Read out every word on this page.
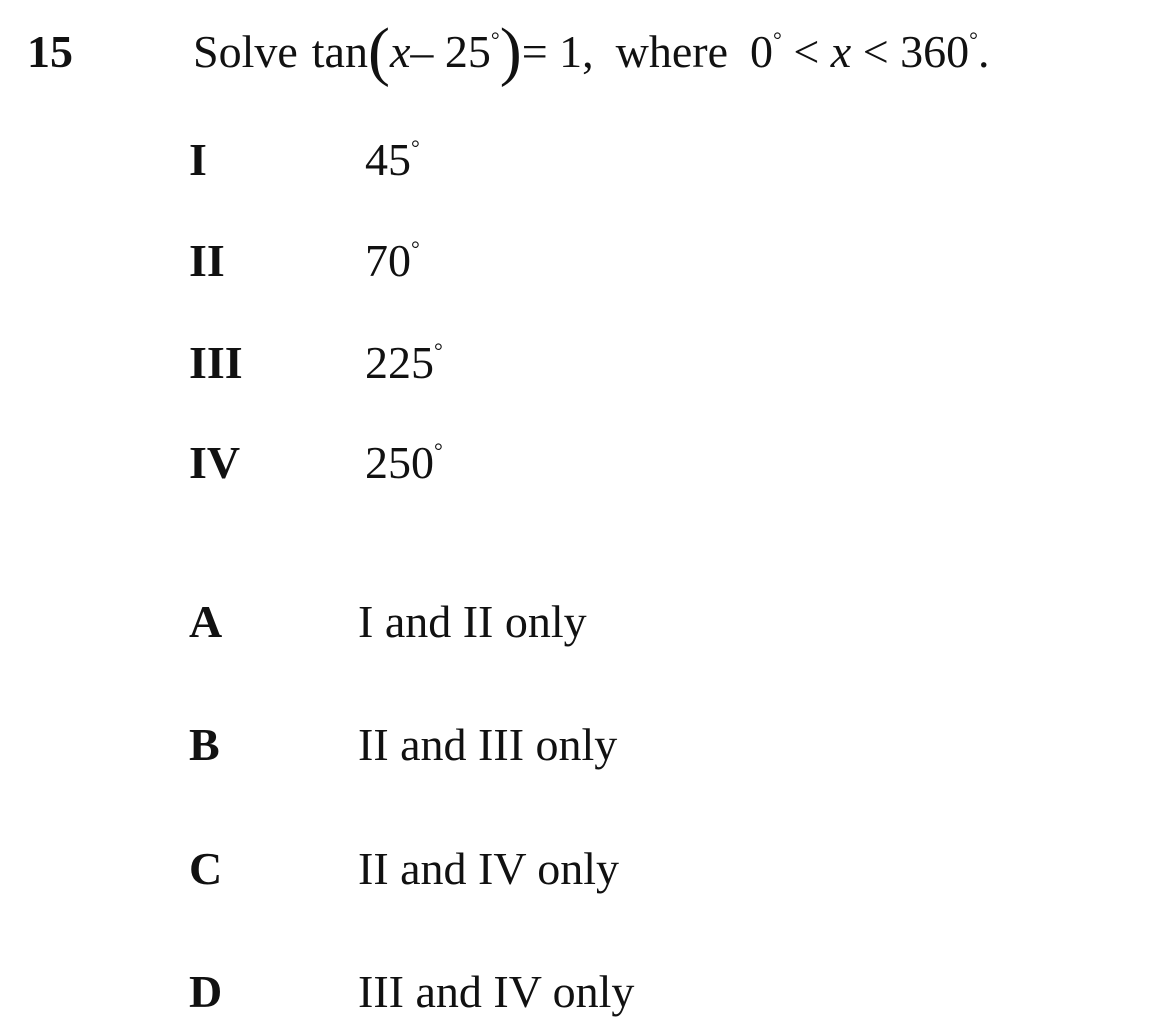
15	Solve tan(x– 25°)= 1, where 0° < x < 360°.
I	45°
II	70°
III	225°
IV	250°
A	I and II only
B	II and III only
C	II and IV only
D	III and IV only
